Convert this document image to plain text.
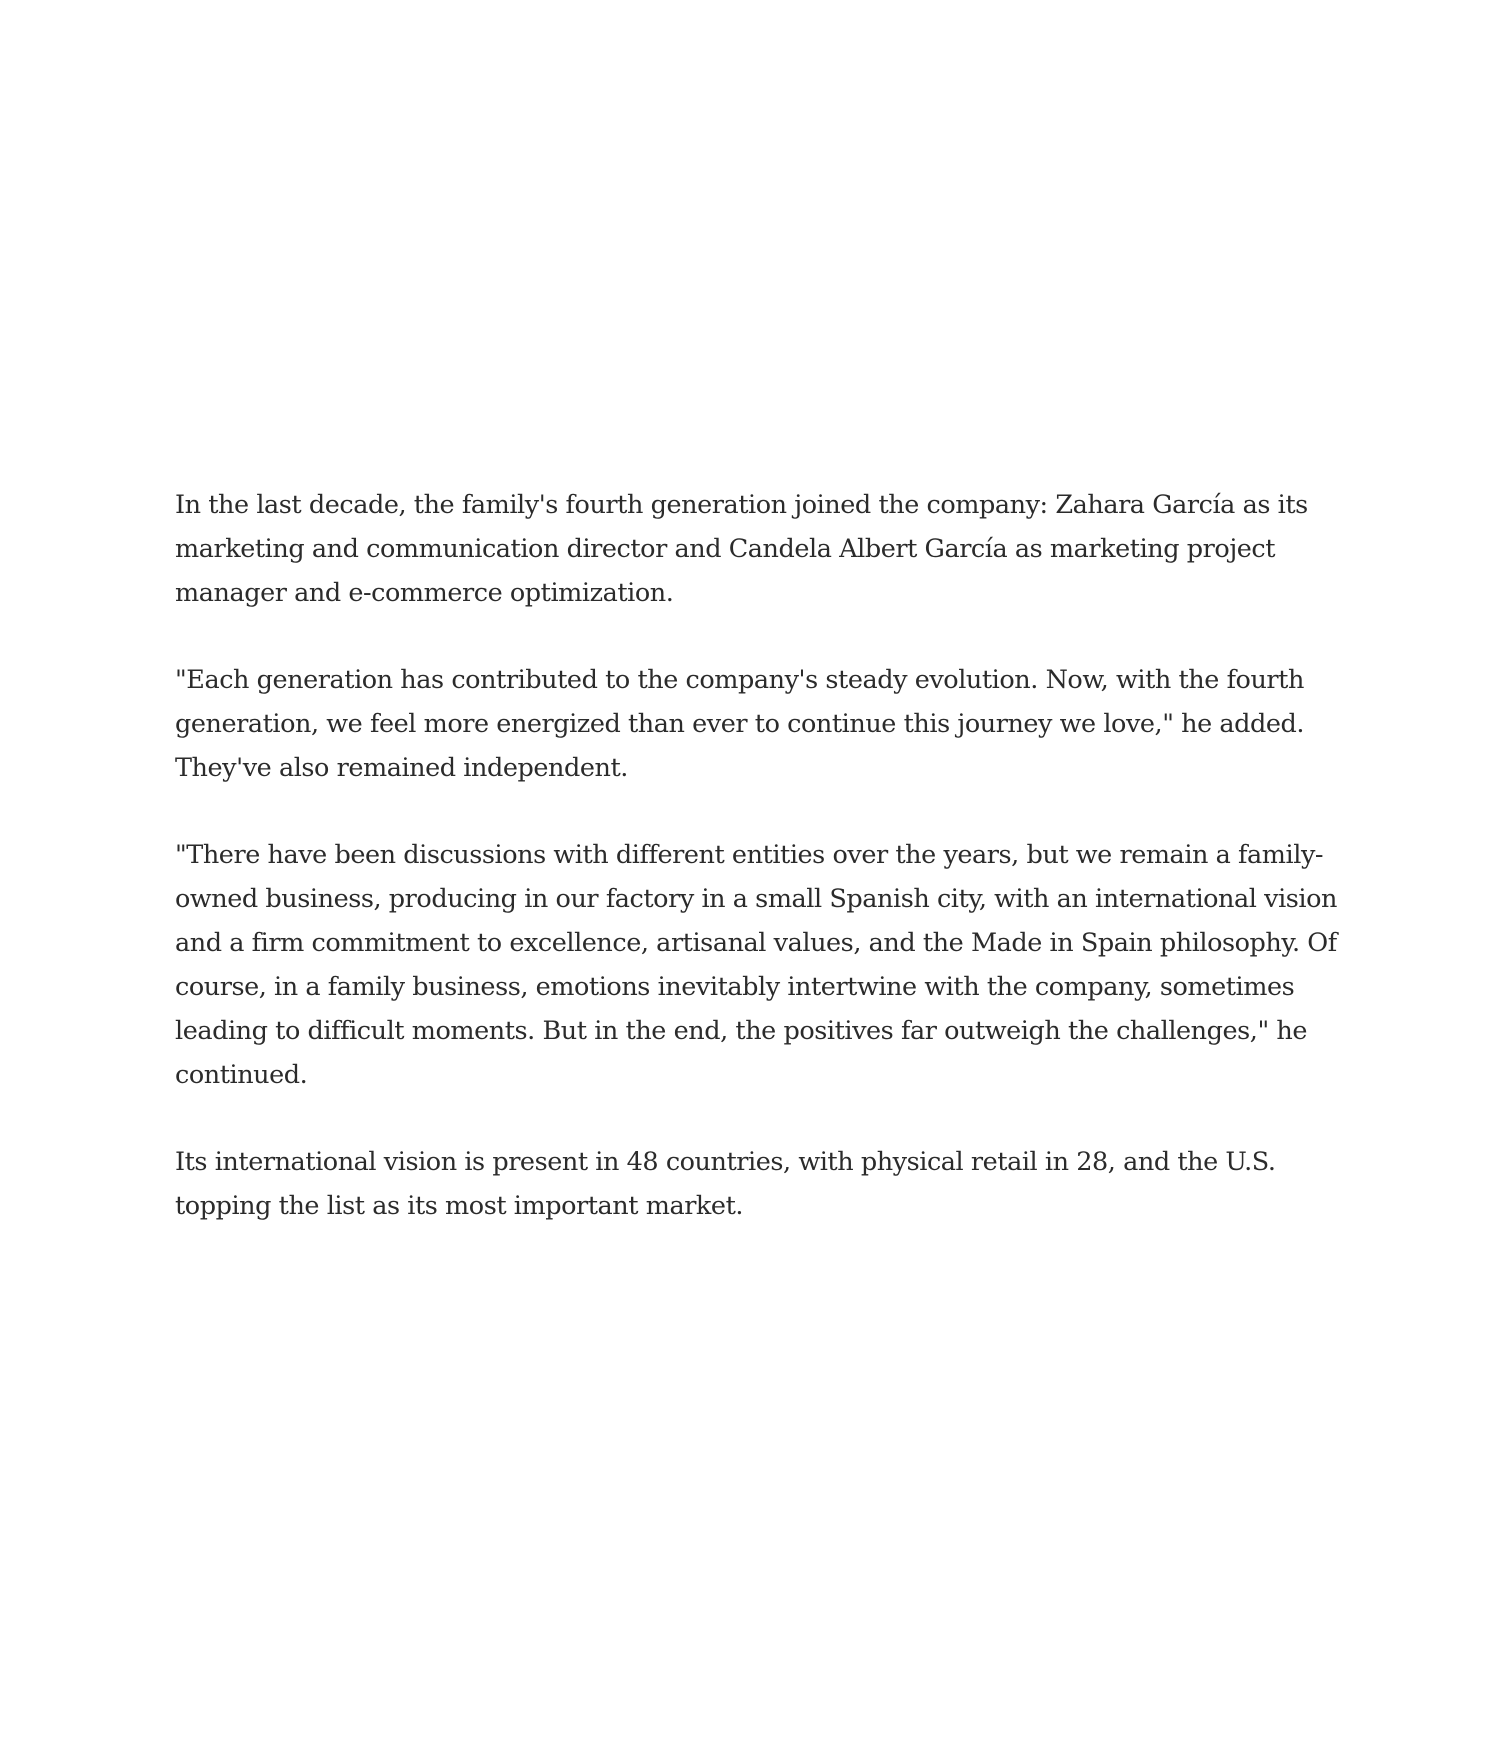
In the last decade, the family's fourth generation joined the company: Zahara García as its marketing and communication director and Candela Albert García as marketing project manager and e-commerce optimization.

"Each generation has contributed to the company's steady evolution. Now, with the fourth generation, we feel more energized than ever to continue this journey we love," he added. They've also remained independent.

"There have been discussions with different entities over the years, but we remain a family-owned business, producing in our factory in a small Spanish city, with an international vision and a firm commitment to excellence, artisanal values, and the Made in Spain philosophy. Of course, in a family business, emotions inevitably intertwine with the company, sometimes leading to difficult moments. But in the end, the positives far outweigh the challenges," he continued.

Its international vision is present in 48 countries, with physical retail in 28, and the U.S. topping the list as its most important market.
